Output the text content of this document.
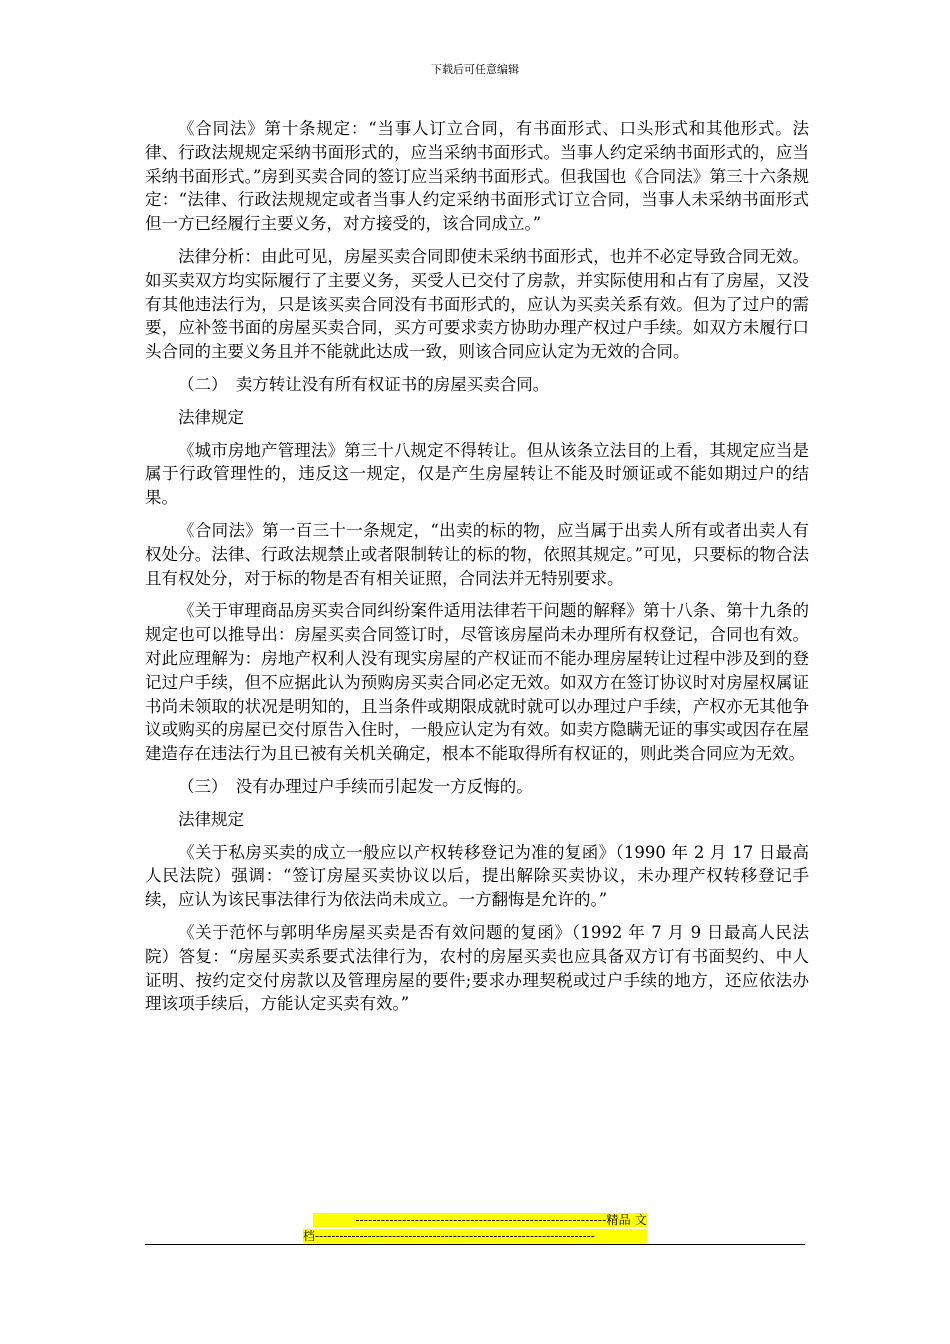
下载后可任意编辑

《合同法》第十条规定：“当事人订立合同，有书面形式、口头形式和其他形式。法律、行政法规规定采纳书面形式的，应当采纳书面形式。当事人约定采纳书面形式的，应当采纳书面形式。”房到买卖合同的签订应当采纳书面形式。但我国也《合同法》第三十六条规定：“法律、行政法规规定或者当事人约定采纳书面形式订立合同，当事人未采纳书面形式但一方已经履行主要义务，对方接受的，该合同成立。”

法律分析：由此可见，房屋买卖合同即使未采纳书面形式，也并不必定导致合同无效。如买卖双方均实际履行了主要义务，买受人已交付了房款，并实际使用和占有了房屋，又没有其他违法行为，只是该买卖合同没有书面形式的，应认为买卖关系有效。但为了过户的需要，应补签书面的房屋买卖合同，买方可要求卖方协助办理产权过户手续。如双方未履行口头合同的主要义务且并不能就此达成一致，则该合同应认定为无效的合同。

（二）　卖方转让没有所有权证书的房屋买卖合同。

法律规定

《城市房地产管理法》第三十八规定不得转让。但从该条立法目的上看，其规定应当是属于行政管理性的，违反这一规定，仅是产生房屋转让不能及时颁证或不能如期过户的结果。

《合同法》第一百三十一条规定，“出卖的标的物，应当属于出卖人所有或者出卖人有权处分。法律、行政法规禁止或者限制转让的标的物，依照其规定。”可见，只要标的物合法且有权处分，对于标的物是否有相关证照，合同法并无特别要求。

《关于审理商品房买卖合同纠纷案件适用法律若干问题的解释》第十八条、第十九条的规定也可以推导出：房屋买卖合同签订时，尽管该房屋尚未办理所有权登记，合同也有效。对此应理解为：房地产权利人没有现实房屋的产权证而不能办理房屋转让过程中涉及到的登记过户手续，但不应据此认为预购房买卖合同必定无效。如双方在签订协议时对房屋权属证书尚未领取的状况是明知的，且当条件或期限成就时就可以办理过户手续，产权亦无其他争议或购买的房屋已交付原告入住时，一般应认定为有效。如卖方隐瞒无证的事实或因存在屋建造存在违法行为且已被有关机关确定，根本不能取得所有权证的，则此类合同应为无效。

（三）　没有办理过户手续而引起发一方反悔的。

法律规定

《关于私房买卖的成立一般应以产权转移登记为准的复函》（1990 年 2 月 17 日最高人民法院）强调：“签订房屋买卖协议以后，提出解除买卖协议，未办理产权转移登记手续，应认为该民事法律行为依法尚未成立。一方翻悔是允许的。”

《关于范怀与郭明华房屋买卖是否有效问题的复函》（1992 年 7 月 9 日最高人民法院）答复：“房屋买卖系要式法律行为，农村的房屋买卖也应具备双方订有书面契约、中人证明、按约定交付房款以及管理房屋的要件;要求办理契税或过户手续的地方，还应依法办理该项手续后，方能认定买卖有效。”

-----------------------------------------------------------精品 文
档---------------------------------------------------------------------
